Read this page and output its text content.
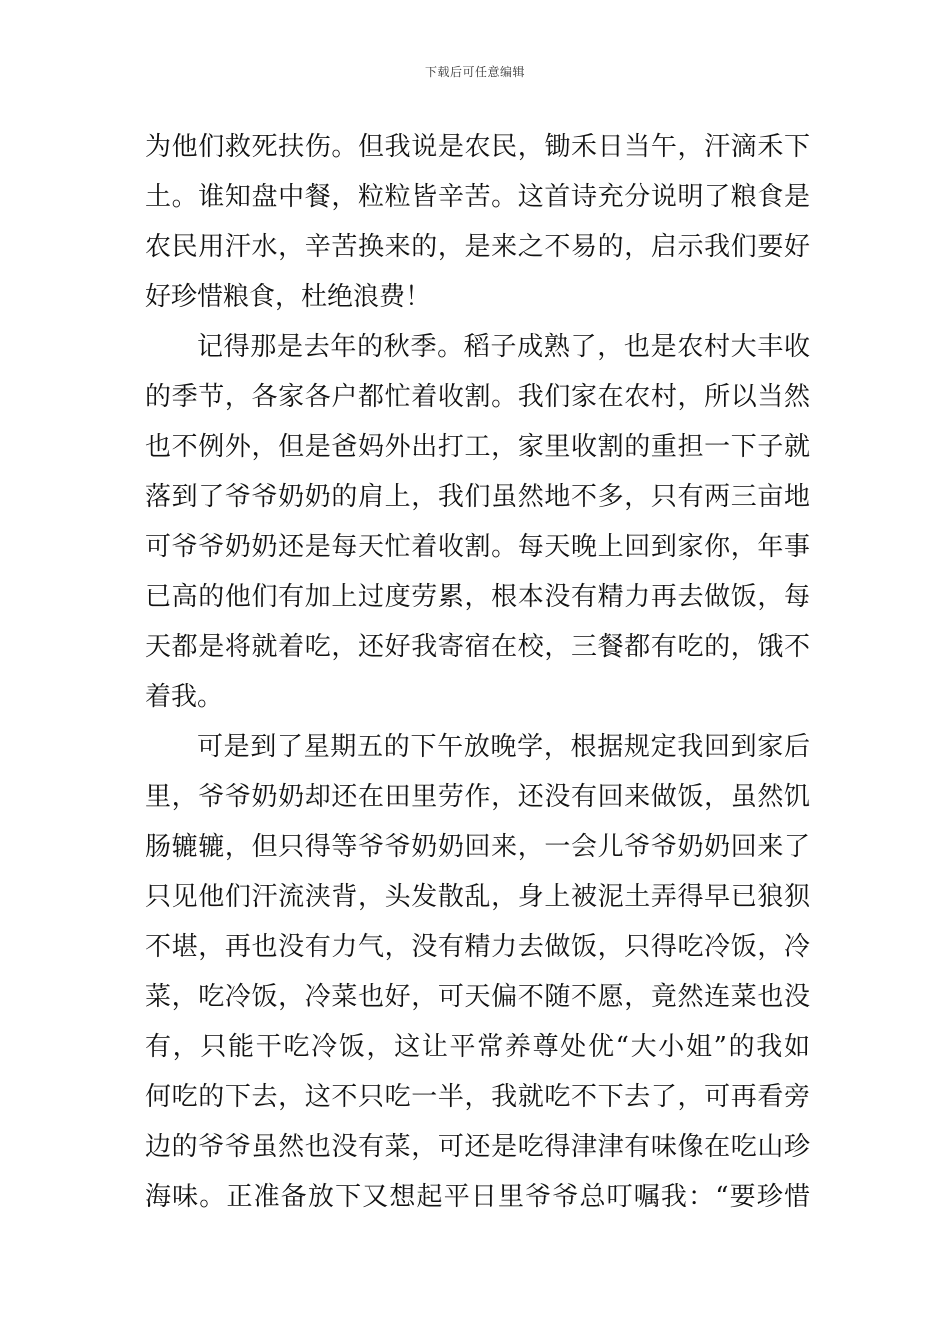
下载后可任意编辑
为他们救死扶伤。但我说是农民，锄禾日当午，汗滴禾下
土。谁知盘中餐，粒粒皆辛苦。这首诗充分说明了粮食是
农民用汗水，辛苦换来的，是来之不易的，启示我们要好
好珍惜粮食，杜绝浪费！
记得那是去年的秋季。稻子成熟了，也是农村大丰收
的季节，各家各户都忙着收割。我们家在农村，所以当然
也不例外，但是爸妈外出打工，家里收割的重担一下子就
落到了爷爷奶奶的肩上，我们虽然地不多，只有两三亩地
可爷爷奶奶还是每天忙着收割。每天晚上回到家你，年事
已高的他们有加上过度劳累，根本没有精力再去做饭，每
天都是将就着吃，还好我寄宿在校，三餐都有吃的，饿不
着我。
可是到了星期五的下午放晚学，根据规定我回到家后
里，爷爷奶奶却还在田里劳作，还没有回来做饭，虽然饥
肠辘辘，但只得等爷爷奶奶回来，一会儿爷爷奶奶回来了
只见他们汗流浃背，头发散乱，身上被泥土弄得早已狼狈
不堪，再也没有力气，没有精力去做饭，只得吃冷饭，冷
菜，吃冷饭，冷菜也好，可天偏不随不愿，竟然连菜也没
有，只能干吃冷饭，这让平常养尊处优“大小姐”的我如
何吃的下去，这不只吃一半，我就吃不下去了，可再看旁
边的爷爷虽然也没有菜，可还是吃得津津有味像在吃山珍
海味。正准备放下又想起平日里爷爷总叮嘱我：“要珍惜
